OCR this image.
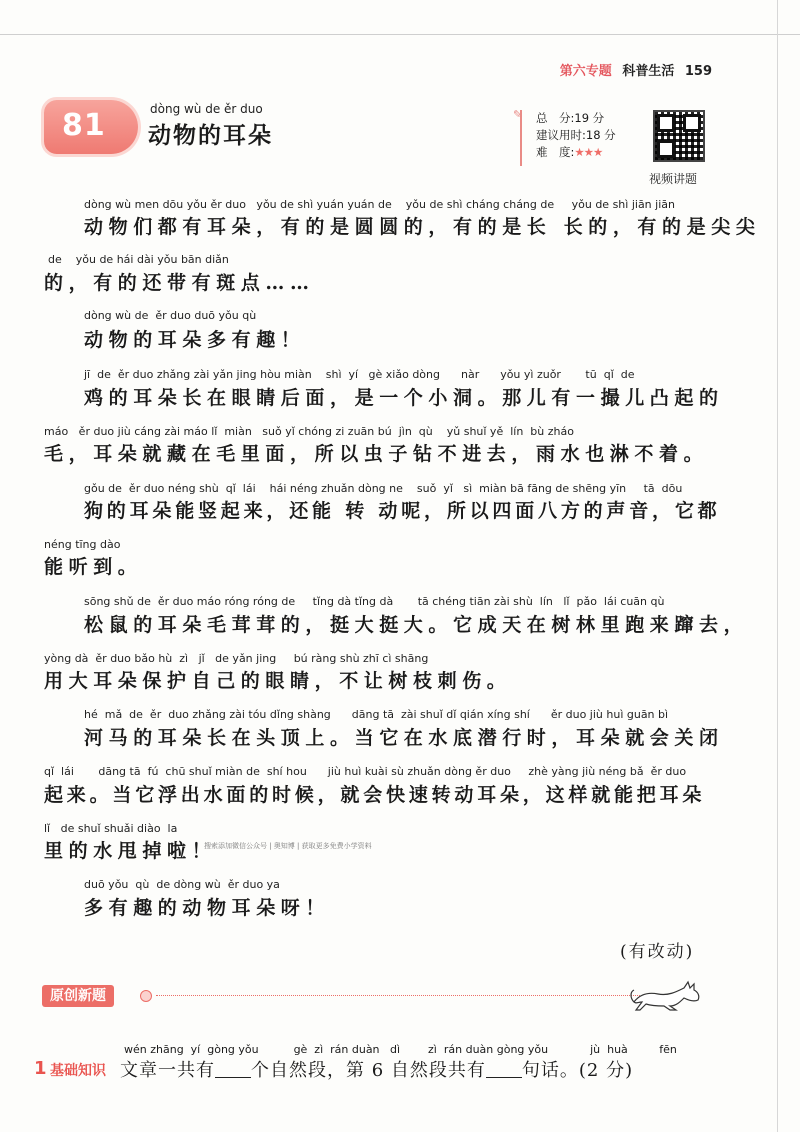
第六专题 科普生活 159
81	dòng wù de ěr duo
动物的耳朵
✎ 总　分:19 分
建议用时:18 分
难　度:★★★
视频讲题
dòng wù men dōu yǒu ěr duo   yǒu de shì yuán yuán de    yǒu de shì cháng cháng de     yǒu de shì jiān jiān
动物们都有耳朵，有的是圆圆的，有的是长 长的，有的是尖尖
de    yǒu de hái dài yǒu bān diǎn
的，有的还带有斑点……
dòng wù de  ěr duo duō yǒu qù
动物的耳朵多有趣！
jī  de  ěr duo zhǎng zài yǎn jing hòu miàn    shì  yí   gè xiǎo dòng      nàr      yǒu yì zuǒr       tū  qǐ  de
鸡的耳朵长在眼睛后面，是一个小洞。那儿有一撮儿凸起的
máo   ěr duo jiù cáng zài máo lǐ  miàn   suǒ yǐ chóng zi zuān bú  jìn  qù    yǔ shuǐ yě  lín  bù zháo
毛，耳朵就藏在毛里面，所以虫子钻不进去，雨水也淋不着。
gǒu de  ěr duo néng shù  qǐ  lái    hái néng zhuǎn dòng ne    suǒ  yǐ   sì  miàn bā fāng de shēng yīn     tā  dōu
狗的耳朵能竖起来，还能 转 动呢，所以四面八方的声音，它都
néng tīng dào
能听到。
sōng shǔ de  ěr duo máo róng róng de     tǐng dà tǐng dà       tā chéng tiān zài shù  lín   lǐ  pǎo  lái cuān qù
松鼠的耳朵毛茸茸的，挺大挺大。它成天在树林里跑来蹿去，
yòng dà  ěr duo bǎo hù  zì   jǐ   de yǎn jing     bú ràng shù zhī cì shāng
用大耳朵保护自己的眼睛，不让树枝刺伤。
hé  mǎ  de  ěr  duo zhǎng zài tóu dǐng shàng      dāng tā  zài shuǐ dǐ qián xíng shí      ěr duo jiù huì guān bì
河马的耳朵长在头顶上。当它在水底潜行时，耳朵就会关闭
qǐ  lái       dāng tā  fú  chū shuǐ miàn de  shí hou      jiù huì kuài sù zhuǎn dòng ěr duo     zhè yàng jiù néng bǎ  ěr duo
起来。当它浮出水面的时候，就会快速转动耳朵，这样就能把耳朵
lǐ   de shuǐ shuǎi diào  la
里的水甩掉啦！
搜索添加微信公众号 | 奥知博 | 获取更多免费小学资料
duō yǒu  qù  de dòng wù  ěr duo ya
多有趣的动物耳朵呀！
(有改动)
原创新题
wén zhāng  yí  gòng yǒu          gè  zì  rán duàn   dì        zì  rán duàn gòng yǒu            jù  huà         fēn
1 基础知识 文章一共有 个自然段，第 6 自然段共有 句话。(2 分)
